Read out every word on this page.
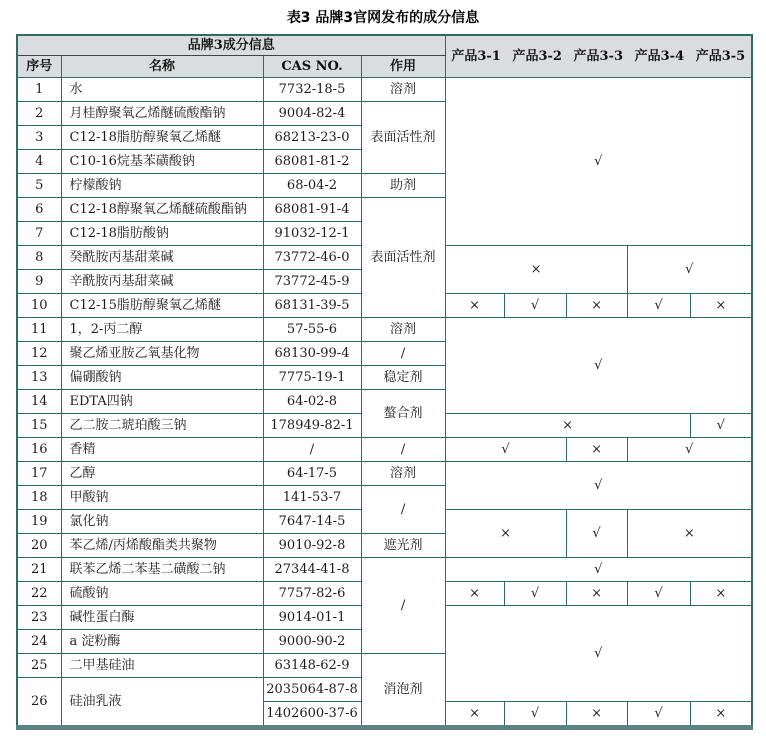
表3 品牌3官网发布的成分信息
品牌3成分信息				产品3-1 产品3-2 产品3-3 产品3-4 产品3-5				

序号	名称	CAS NO.	作用					
1	水	7732-18-5	溶剂	√				
2	月桂醇聚氧乙烯醚硫酸酯钠	9004-82-4	表面活性剂					
3	C12-18脂肪醇聚氧乙烯醚	68213-23-0						
4	C10-16烷基苯磺酸钠	68081-81-2						
5	柠檬酸钠	68-04-2	助剂					
6	C12-18醇聚氧乙烯醚硫酸酯钠	68081-91-4	表面活性剂					
7	C12-18脂肪酸钠	91032-12-1						
8	癸酰胺丙基甜菜碱	73772-46-0		×			√	
9	辛酰胺丙基甜菜碱	73772-45-9						
10	C12-15脂肪醇聚氧乙烯醚	68131-39-5		×	√	×	√	×
11	1，2-丙二醇	57-55-6	溶剂	√				
12	聚乙烯亚胺乙氧基化物	68130-99-4	/					
13	偏硼酸钠	7775-19-1	稳定剂					
14	EDTA四钠	64-02-8	螯合剂					
15	乙二胺二琥珀酸三钠	178949-82-1		×				√
16	香精	/	/	√		×	√	
17	乙醇	64-17-5	溶剂	√				
18	甲酸钠	141-53-7	/					
19	氯化钠	7647-14-5		×		√	×	
20	苯乙烯/丙烯酸酯类共聚物	9010-92-8	遮光剂					
21	联苯乙烯二苯基二磺酸二钠	27344-41-8	/	√				
22	硫酸钠	7757-82-6		×	√	×	√	×
23	碱性蛋白酶	9014-01-1		√				
24	a 淀粉酶	9000-90-2						
25	二甲基硅油	63148-62-9	消泡剂					
26	硅油乳液	2035064-87-8						
		1402600-37-6		×	√	×	√	×
